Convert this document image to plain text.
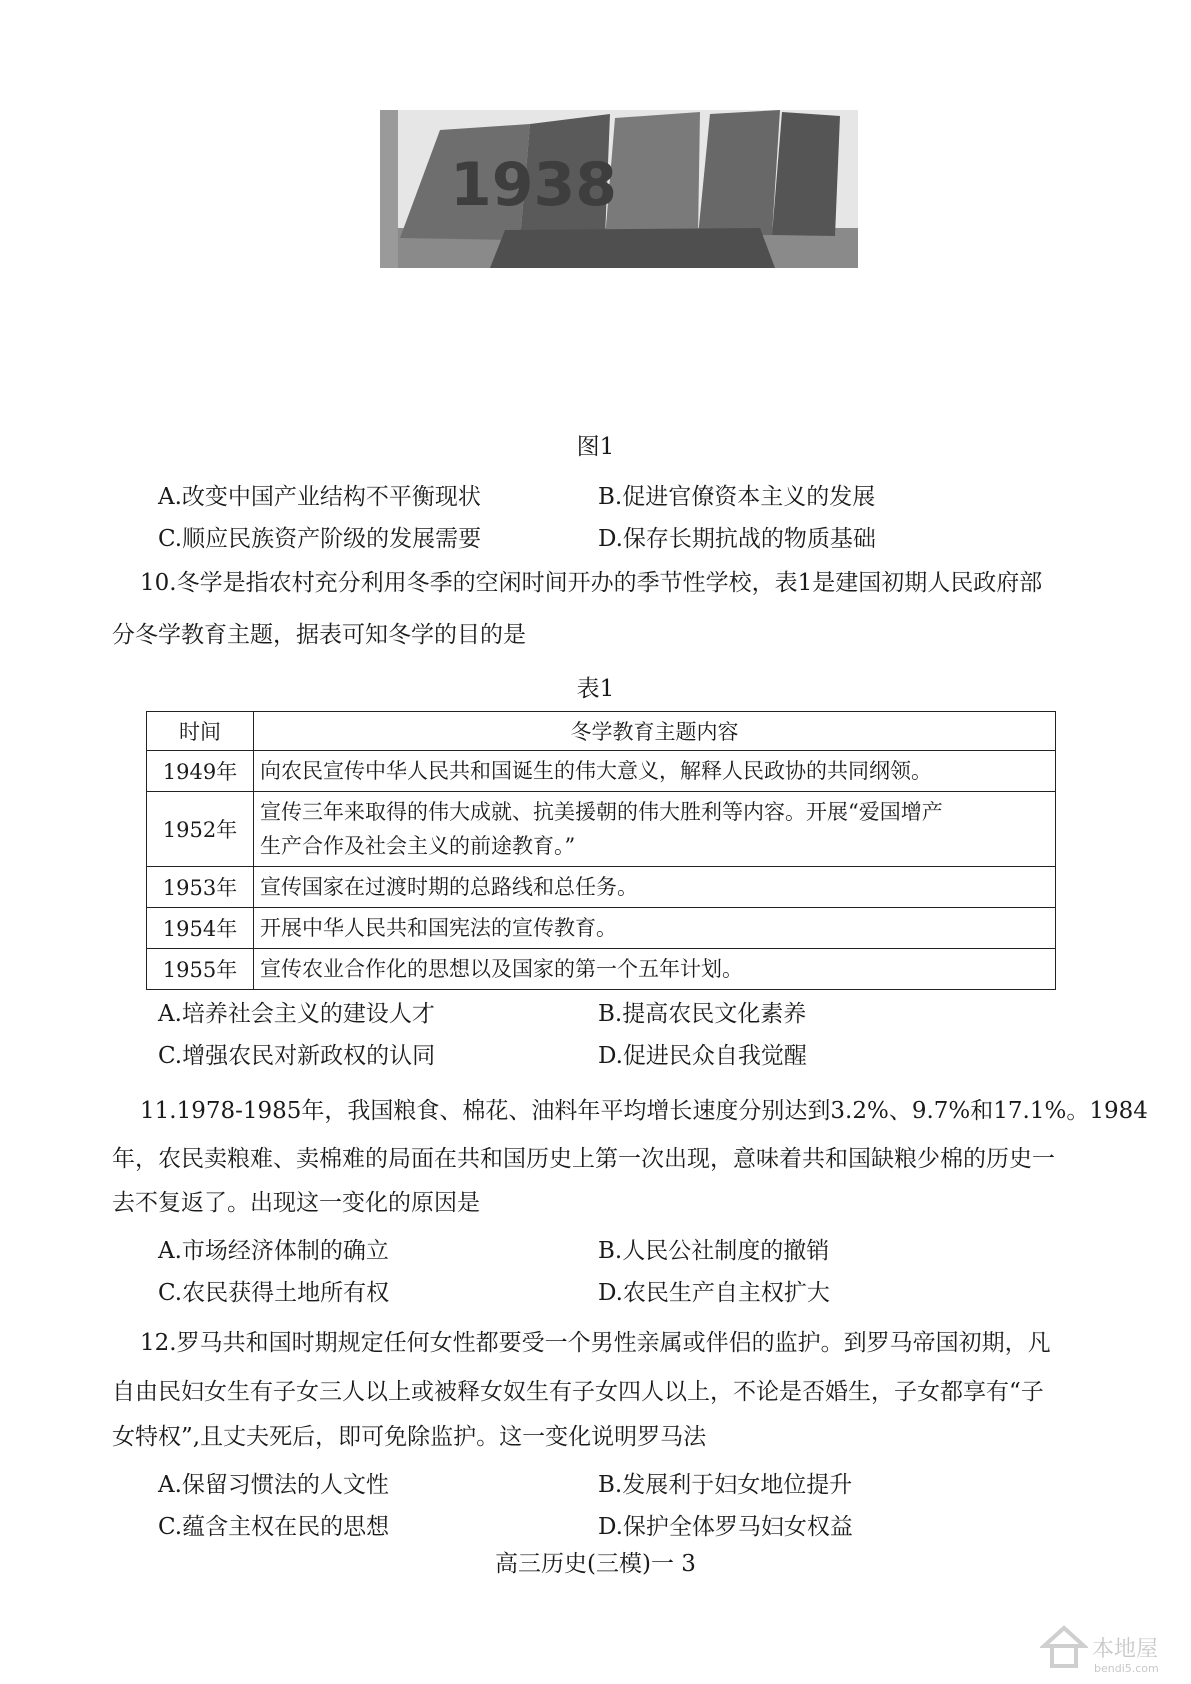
1938
图1
A.改变中国产业结构不平衡现状	B.促进官僚资本主义的发展
C.顺应民族资产阶级的发展需要	D.保存长期抗战的物质基础
10.冬学是指农村充分利用冬季的空闲时间开办的季节性学校，表1是建国初期人民政府部
分冬学教育主题，据表可知冬学的目的是
表1
时间	冬学教育主题内容
1949年	向农民宣传中华人民共和国诞生的伟大意义，解释人民政协的共同纲领。
1952年	宣传三年来取得的伟大成就、抗美援朝的伟大胜利等内容。开展“爱国增产
生产合作及社会主义的前途教育。”

1953年	宣传国家在过渡时期的总路线和总任务。
1954年	开展中华人民共和国宪法的宣传教育。
1955年	宣传农业合作化的思想以及国家的第一个五年计划。
A.培养社会主义的建设人才	B.提高农民文化素养
C.增强农民对新政权的认同	D.促进民众自我觉醒
11.1978-1985年，我国粮食、棉花、油料年平均增长速度分别达到3.2%、9.7%和17.1%。1984
年，农民卖粮难、卖棉难的局面在共和国历史上第一次出现，意味着共和国缺粮少棉的历史一
去不复返了。出现这一变化的原因是
A.市场经济体制的确立	B.人民公社制度的撤销
C.农民获得土地所有权	D.农民生产自主权扩大
12.罗马共和国时期规定任何女性都要受一个男性亲属或伴侣的监护。到罗马帝国初期，凡
自由民妇女生有子女三人以上或被释女奴生有子女四人以上，不论是否婚生，子女都享有“子
女特权”,且丈夫死后，即可免除监护。这一变化说明罗马法
A.保留习惯法的人文性	B.发展利于妇女地位提升
C.蕴含主权在民的思想	D.保护全体罗马妇女权益
高三历史(三模)一 3
本地屋
bendi5.com
